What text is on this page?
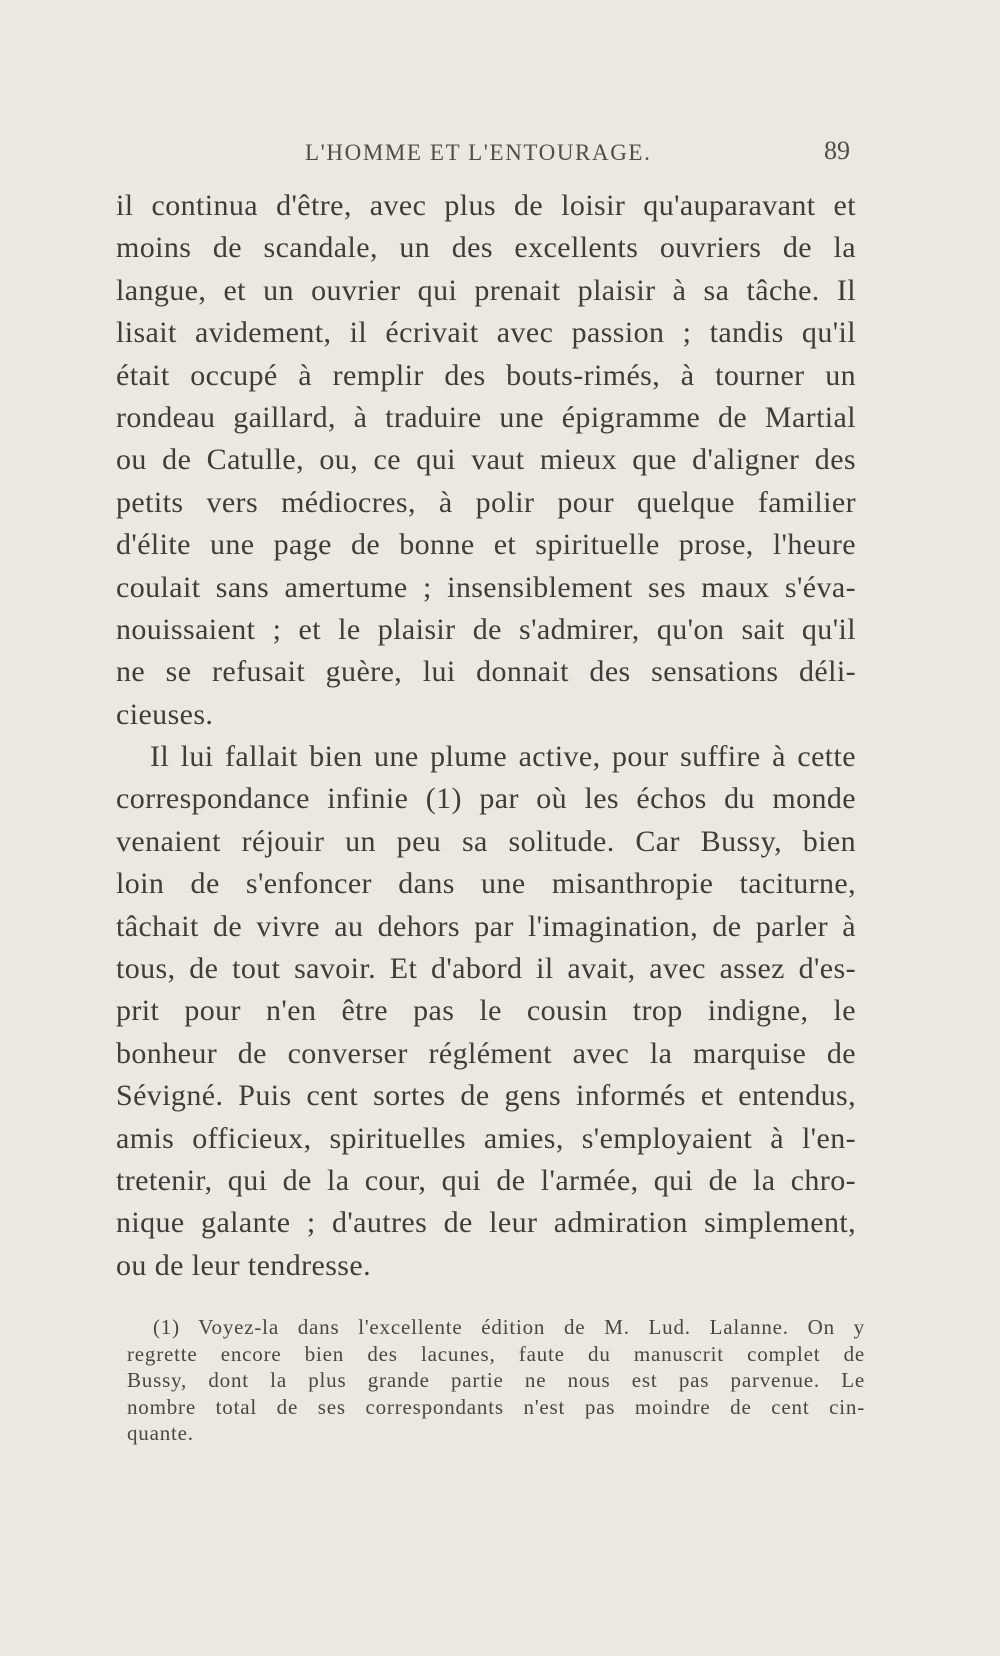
L'HOMME ET L'ENTOURAGE.	89
il continua d'être, avec plus de loisir qu'auparavant et
moins de scandale, un des excellents ouvriers de la
langue, et un ouvrier qui prenait plaisir à sa tâche. Il
lisait avidement, il écrivait avec passion ; tandis qu'il
était occupé à remplir des bouts-rimés, à tourner un
rondeau gaillard, à traduire une épigramme de Martial
ou de Catulle, ou, ce qui vaut mieux que d'aligner des
petits vers médiocres, à polir pour quelque familier
d'élite une page de bonne et spirituelle prose, l'heure
coulait sans amertume ; insensiblement ses maux s'éva-
nouissaient ; et le plaisir de s'admirer, qu'on sait qu'il
ne se refusait guère, lui donnait des sensations déli-
cieuses.
Il lui fallait bien une plume active, pour suffire à cette
correspondance infinie (1) par où les échos du monde
venaient réjouir un peu sa solitude. Car Bussy, bien
loin de s'enfoncer dans une misanthropie taciturne,
tâchait de vivre au dehors par l'imagination, de parler à
tous, de tout savoir. Et d'abord il avait, avec assez d'es-
prit pour n'en être pas le cousin trop indigne, le
bonheur de converser réglément avec la marquise de
Sévigné. Puis cent sortes de gens informés et entendus,
amis officieux, spirituelles amies, s'employaient à l'en-
tretenir, qui de la cour, qui de l'armée, qui de la chro-
nique galante ; d'autres de leur admiration simplement,
ou de leur tendresse.
(1) Voyez-la dans l'excellente édition de M. Lud. Lalanne. On y
regrette encore bien des lacunes, faute du manuscrit complet de
Bussy, dont la plus grande partie ne nous est pas parvenue. Le
nombre total de ses correspondants n'est pas moindre de cent cin-
quante.
